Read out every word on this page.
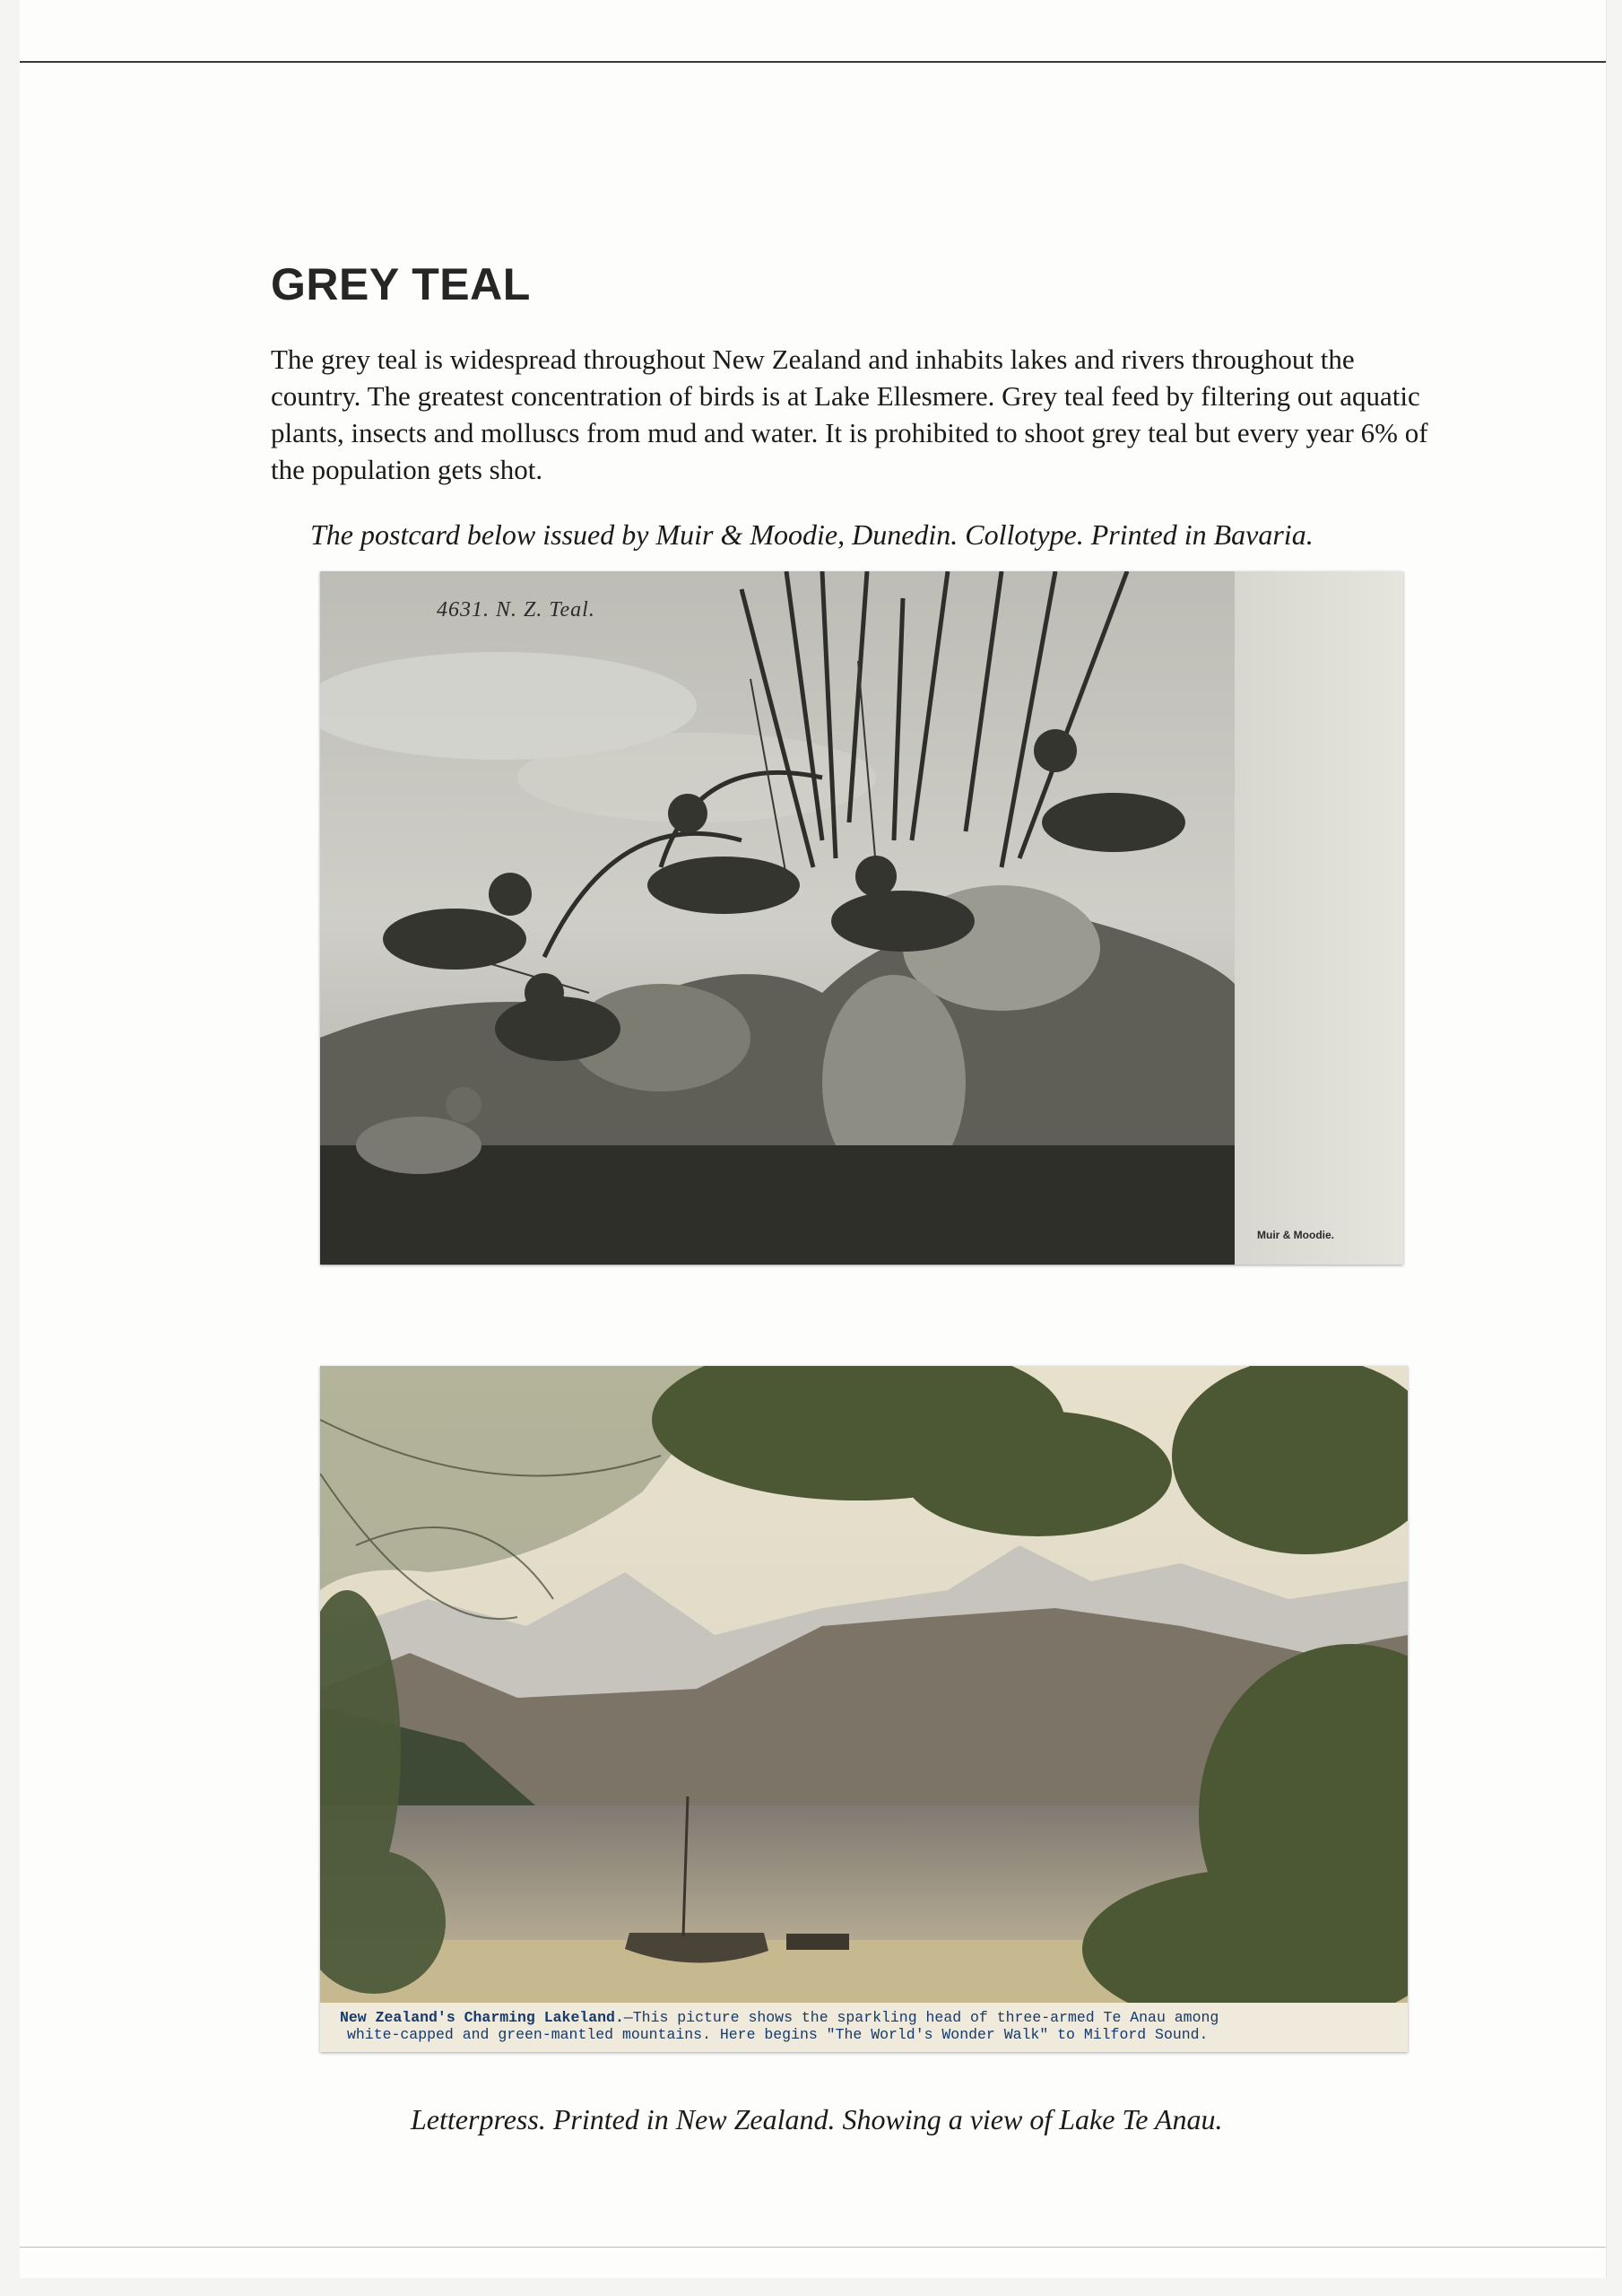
GREY TEAL

The grey teal is widespread throughout New Zealand and inhabits lakes and rivers throughout the country. The greatest concentration of birds is at Lake Ellesmere. Grey teal feed by filtering out aquatic plants, insects and molluscs from mud and water. It is prohibited to shoot grey teal but every year 6% of the population gets shot.

The postcard below issued by Muir & Moodie, Dunedin. Collotype. Printed in Bavaria.

4631. N. Z. Teal.
Muir & Moodie.
New Zealand's Charming Lakeland.—This picture shows the sparkling head of three-armed Te Anau among
white-capped and green-mantled mountains. Here begins "The World's Wonder Walk" to Milford Sound.

Letterpress. Printed in New Zealand. Showing a view of Lake Te Anau.
